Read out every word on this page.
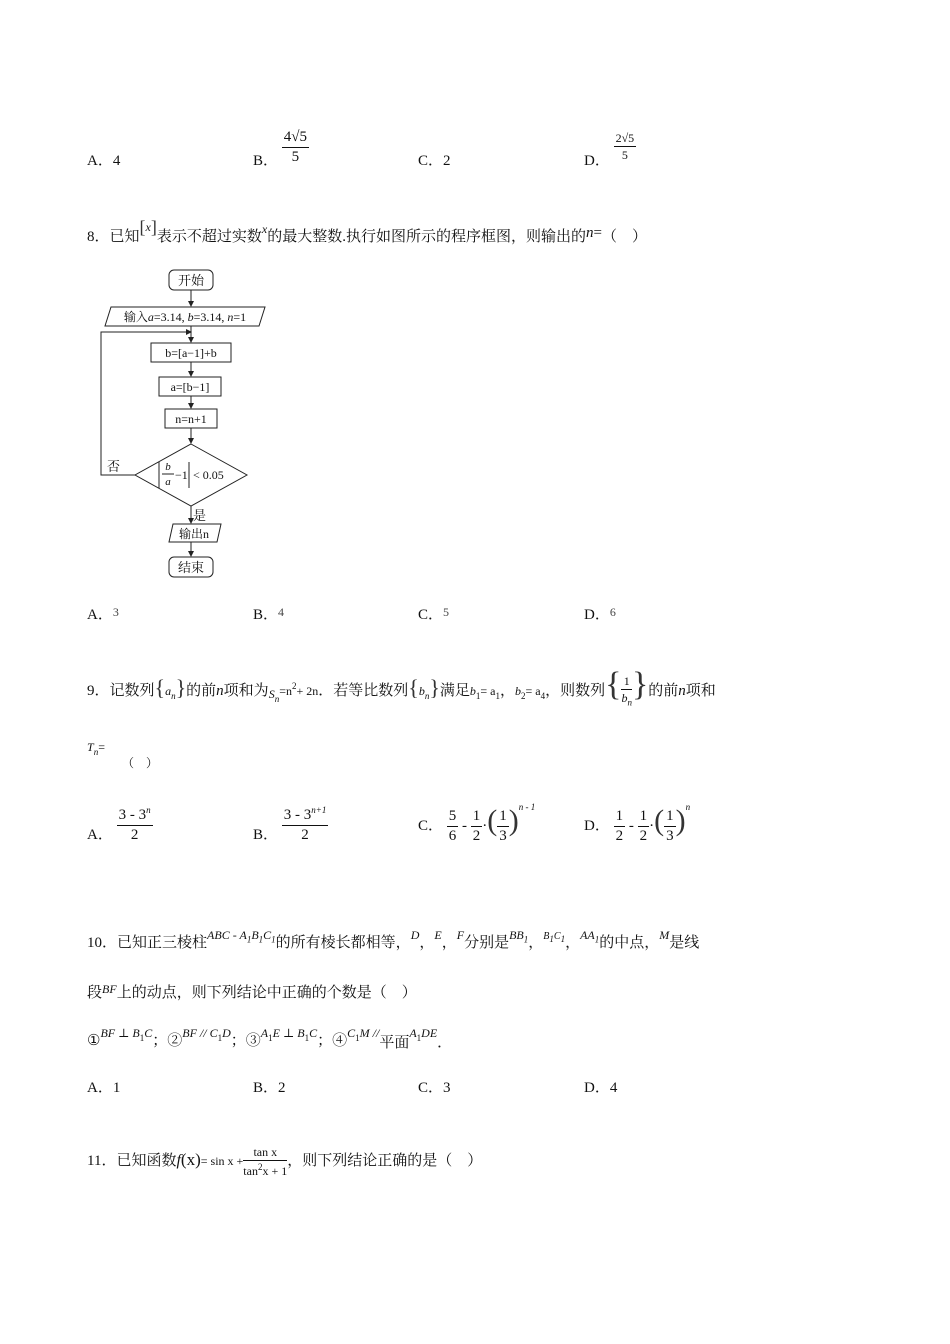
A．4	B． $\frac{4√5}{5}$	C．2	D． $\frac{2√5}{5}$
8．已知[$^x$]表示不超过实数$^x$的最大整数.执行如图所示的程序框图，则输出的n=（　）
开始
输入a=3.14, b=3.14, n=1
b=[a−1]+b
a=[b−1]
n=n+1
b
a −1 < 0.05
否
是
输出n
结束
A．$^3$	B．$^4$	C．$^5$	D．$^6$
9．记数列$\{a_n\}$的前n项和为$_{Sn}=n^2+ 2n$．若等比数列$\{b_n\}$满足$b_1= a_1$，$b_2= a_4$，则数列{ $\frac{1}{b_n}$ }的前n项和
$T_n=$
（　）
A． $\frac{3 - 3^n}{2}$	B． $\frac{3 - 3^{n+1}}{2}$	C． $\frac{5}{6} - \frac{1}{2}$ ·( $\frac{1}{3} )^{n - 1}$
D． $\frac{1}{2} - \frac{1}{2}$ ·( $\frac{1}{3} )^n$
10．已知正三棱柱$^{ABC - A_1B_1C_1}$的所有棱长都相等，$^D$，$^E$，$^F$分别是$^{BB_1}$，$^{B_1C_1}$，$^{AA_1}$的中点，$^M$是线
段$^{BF}$上的动点，则下列结论中正确的个数是（　）
①BF ⊥ $B_1C$；②BF // $C_1D$；$③A_1E$ ⊥ $B_1C$；$④C_1M$ //平面$A_1DE$．
A．1	B．2	C．3	D．4
11．已知函数$f(x)= \sin x + \frac{\text{tan x}}{\tan^2x + 1}$ ，则下列结论正确的是（　）
